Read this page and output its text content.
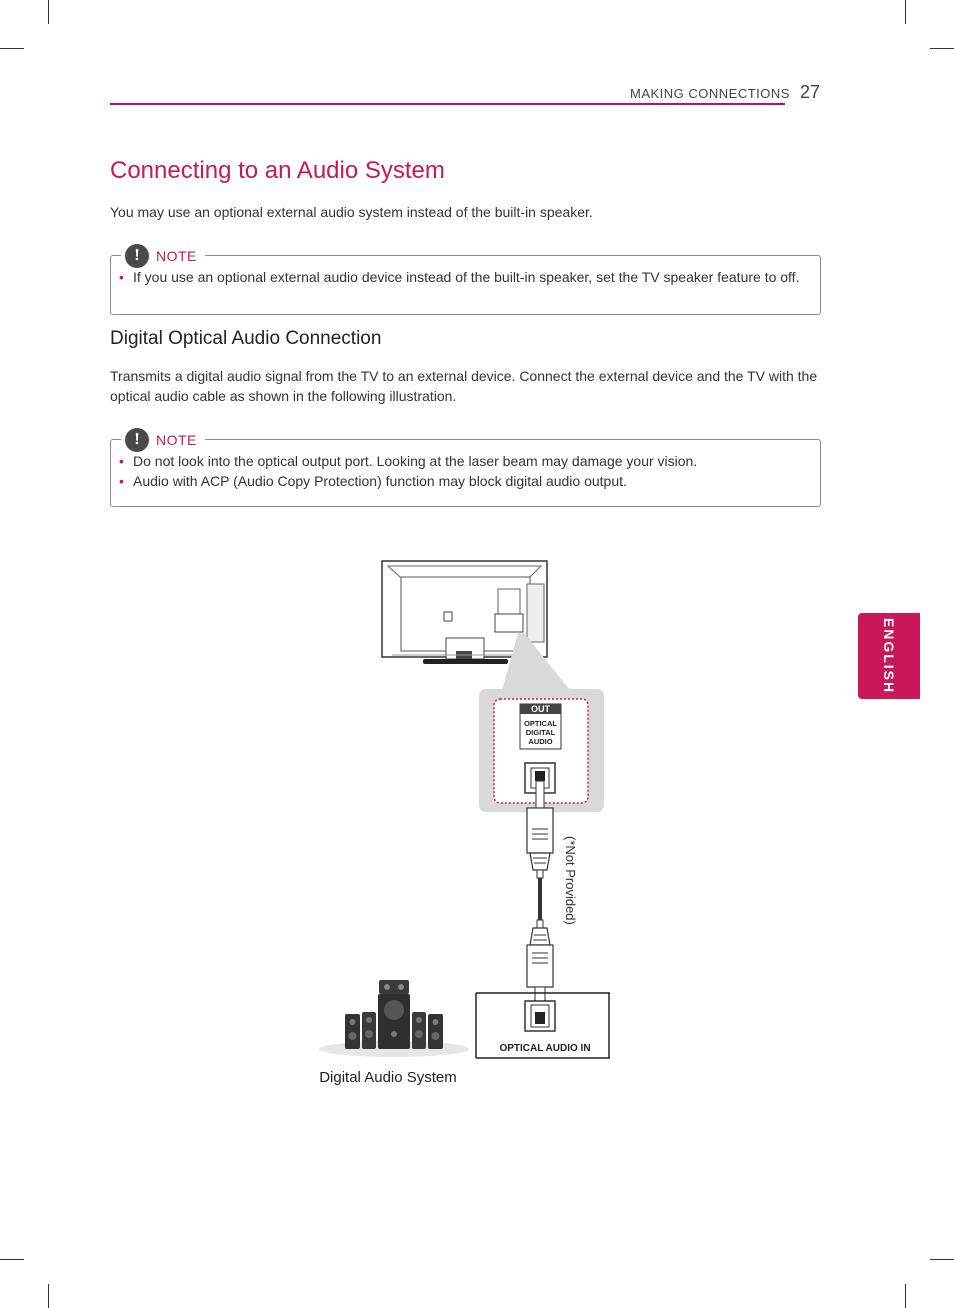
MAKING CONNECTIONS 27
ENGLISH
Connecting to an Audio System
You may use an optional external audio system instead of the built-in speaker.
!	NOTE
• If you use an optional external audio device instead of the built-in speaker, set the TV speaker feature to off.
Digital Optical Audio Connection
Transmits a digital audio signal from the TV to an external device. Connect the external device and the TV with the optical audio cable as shown in the following illustration.
!	NOTE
• Do not look into the optical output port. Looking at the laser beam may damage your vision.
• Audio with ACP (Audio Copy Protection) function may block digital audio output.
OUT
OPTICAL
DIGITAL
AUDIO
(*Not Provided)
OPTICAL AUDIO IN
Digital Audio System
